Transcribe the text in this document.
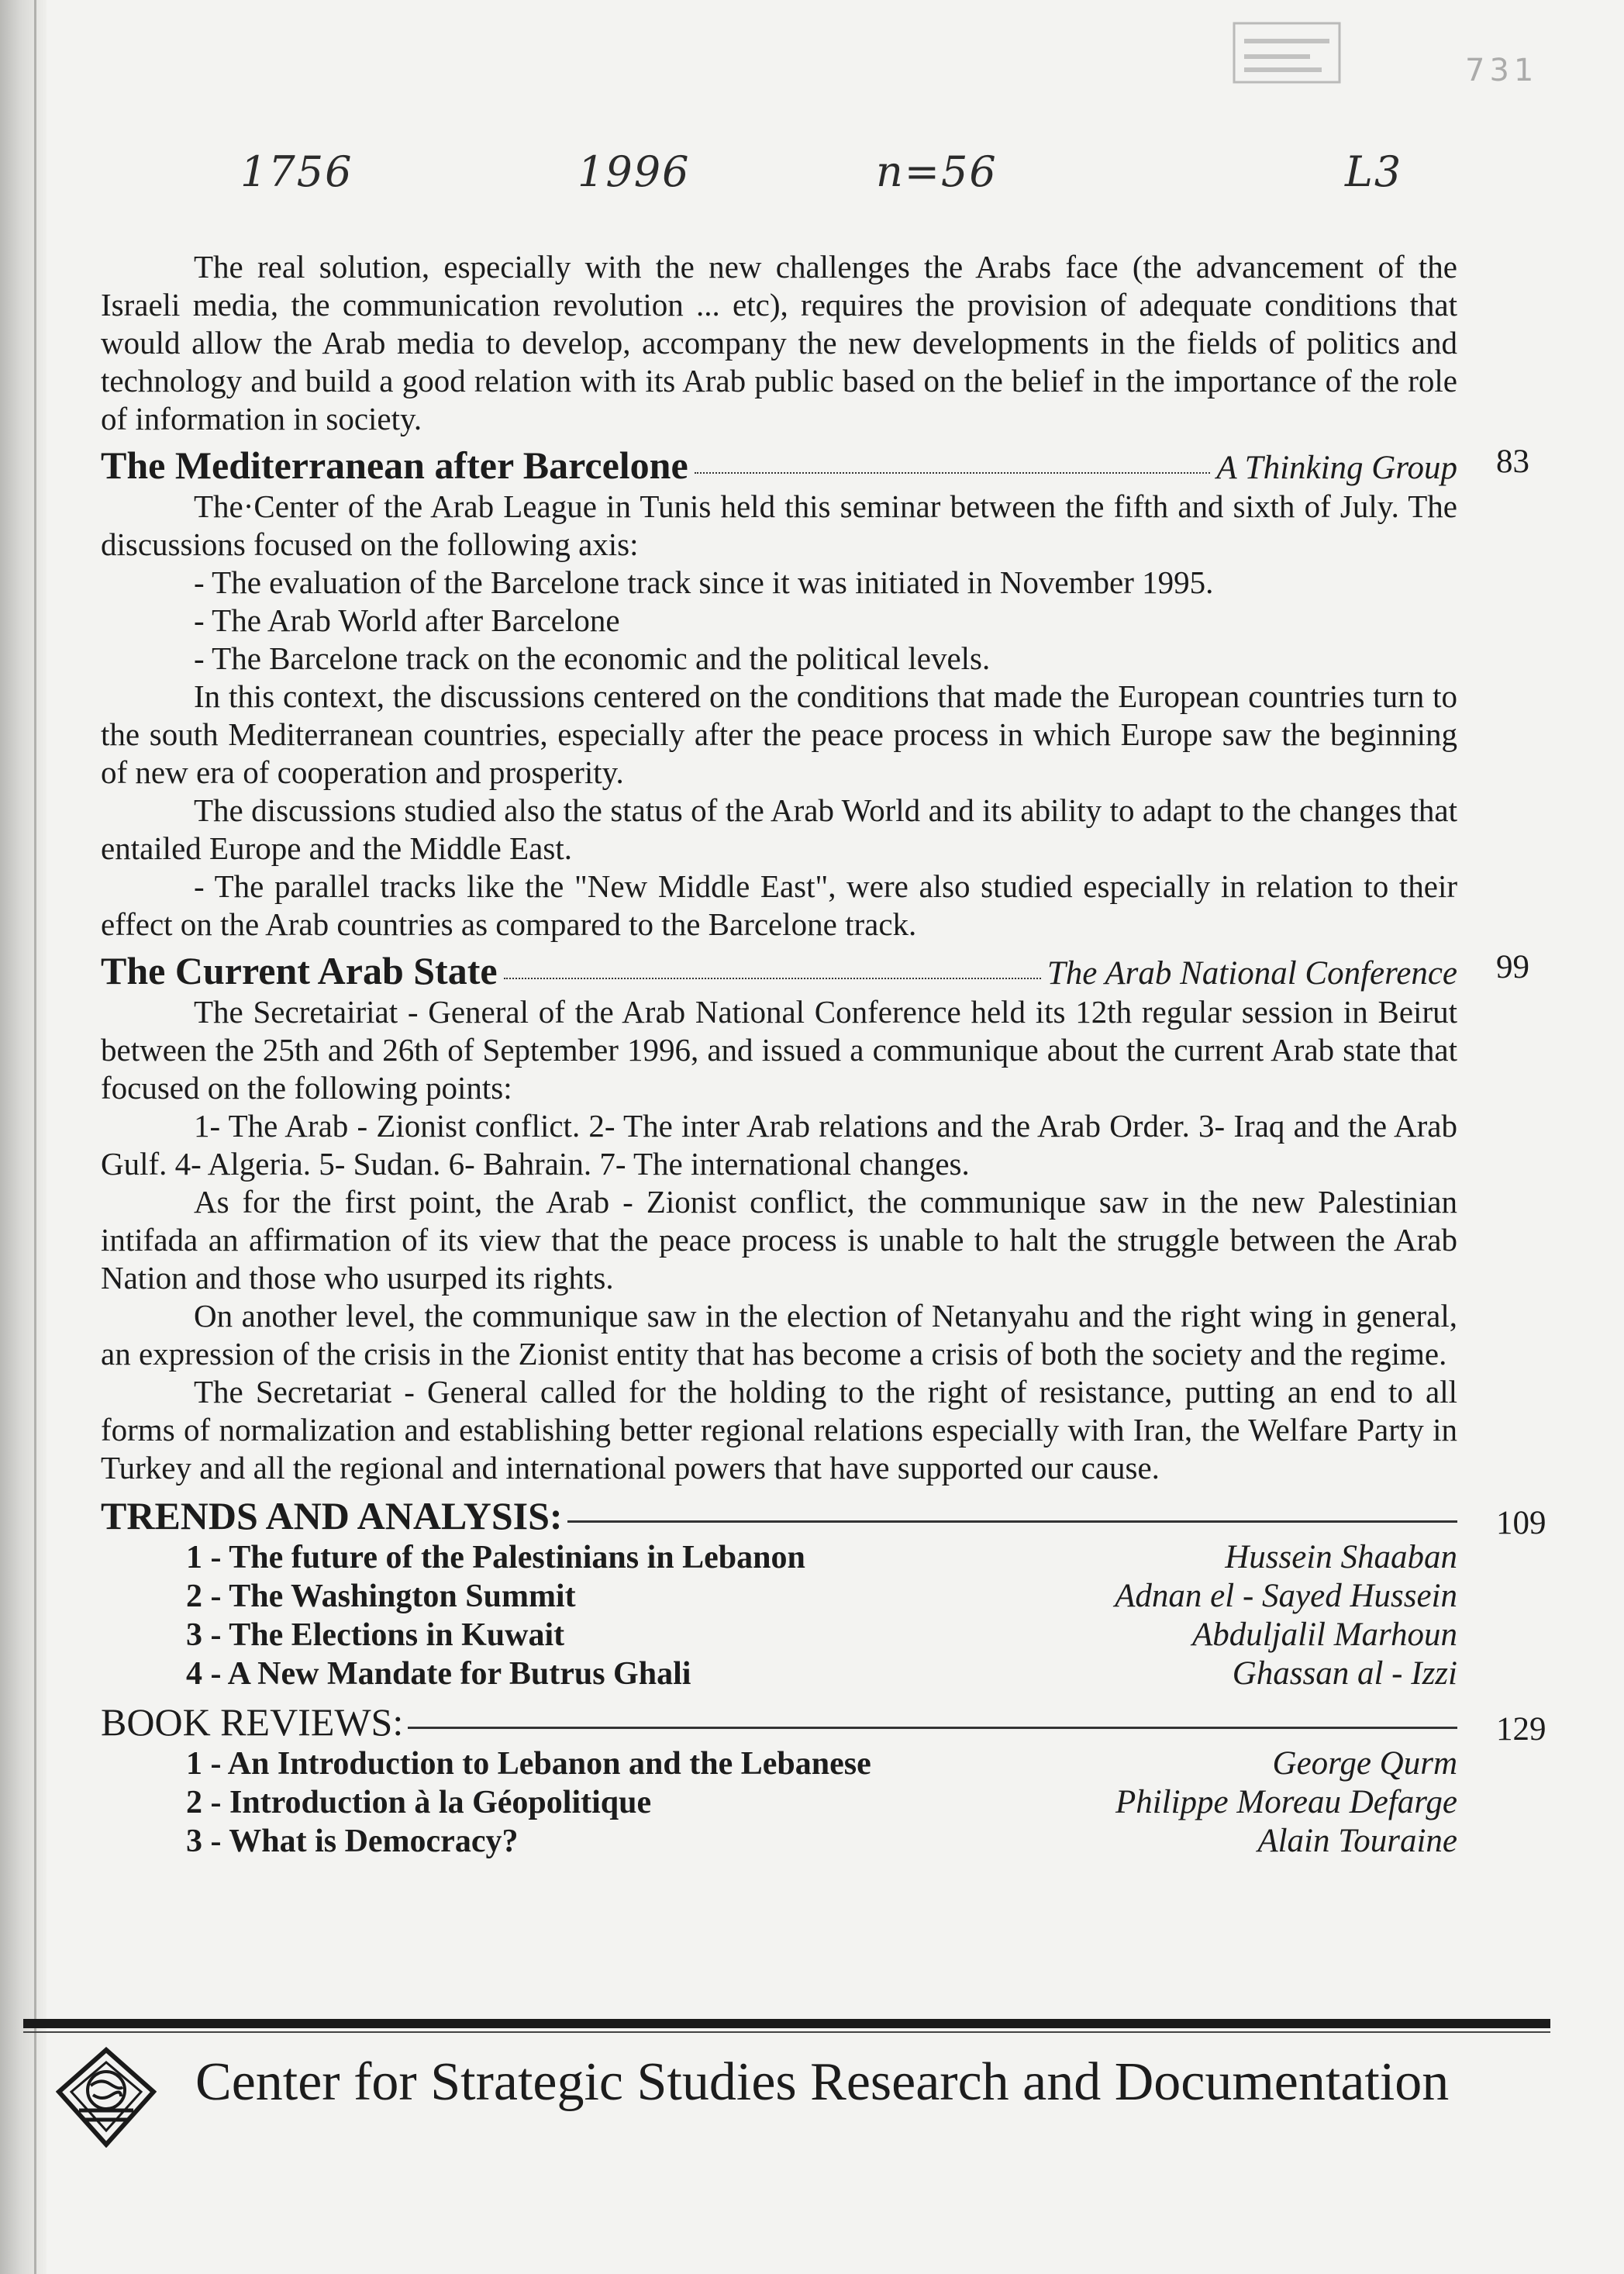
731
1756	1996	n=56	L3

The real solution, especially with the new challenges the Arabs face (the advancement of the Israeli media, the communication revolution ... etc), requires the provision of adequate conditions that would allow the Arab media to develop, accompany the new developments in the fields of politics and technology and build a good relation with its Arab public based on the belief in the importance of the role of information in society.

The Mediterranean after Barcelone	A Thinking Group 83

The·Center of the Arab League in Tunis held this seminar between the fifth and sixth of July. The discussions focused on the following axis:

- The evaluation of the Barcelone track since it was initiated in November 1995.

- The Arab World after Barcelone

- The Barcelone track on the economic and the political levels.

In this context, the discussions centered on the conditions that made the European countries turn to the south Mediterranean countries, especially after the peace process in which Europe saw the beginning of new era of cooperation and prosperity.

The discussions studied also the status of the Arab World and its ability to adapt to the changes that entailed Europe and the Middle East.

- The parallel tracks like the "New Middle East", were also studied especially in relation to their effect on the Arab countries as compared to the Barcelone track.

The Current Arab State	The Arab National Conference 99

The Secretairiat - General of the Arab National Conference held its 12th regular session in Beirut between the 25th and 26th of September 1996, and issued a communique about the current Arab state that focused on the following points:

1- The Arab - Zionist conflict. 2- The inter Arab relations and the Arab Order. 3- Iraq and the Arab Gulf. 4- Algeria. 5- Sudan. 6- Bahrain. 7- The international changes.

As for the first point, the Arab - Zionist conflict, the communique saw in the new Palestinian intifada an affirmation of its view that the peace process is unable to halt the struggle between the Arab Nation and those who usurped its rights.

On another level, the communique saw in the election of Netanyahu and the right wing in general, an expression of the crisis in the Zionist entity that has become a crisis of both the society and the regime.

The Secretariat - General called for the holding to the right of resistance, putting an end to all forms of normalization and establishing better regional relations especially with Iran, the Welfare Party in Turkey and all the regional and international powers that have supported our cause.

TRENDS AND ANALYSIS:	109
1 - The future of the Palestinians in Lebanon	Hussein Shaaban
2 - The Washington Summit	Adnan el - Sayed Hussein
3 - The Elections in Kuwait	Abduljalil Marhoun
4 - A New Mandate for Butrus Ghali	Ghassan al - Izzi
BOOK REVIEWS:	129
1 - An Introduction to Lebanon and the Lebanese	George Qurm
2 - Introduction à la Géopolitique	Philippe Moreau Defarge
3 - What is Democracy?	Alain Touraine
Center for Strategic Studies Research and Documentation
